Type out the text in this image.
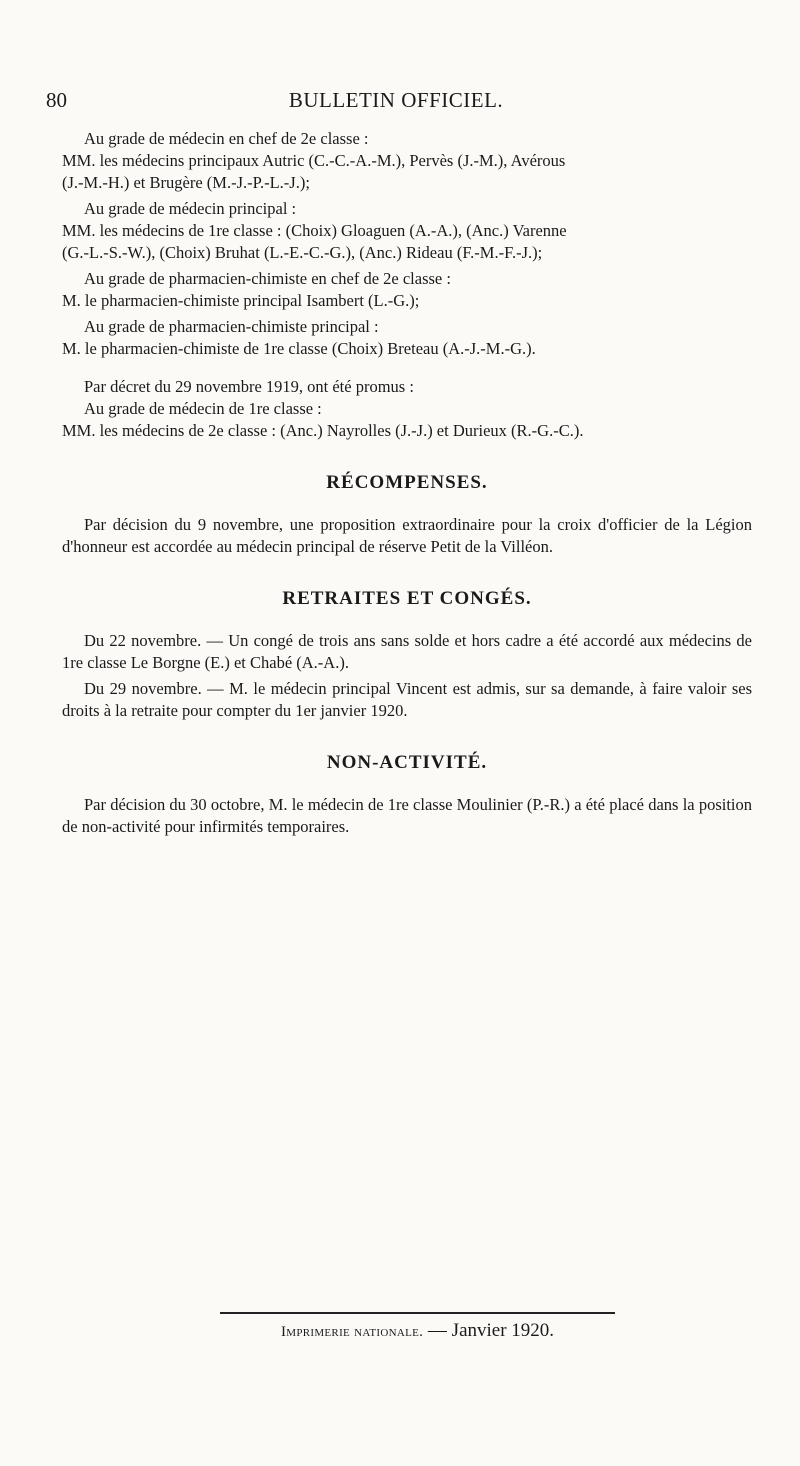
80	BULLETIN OFFICIEL.

Au grade de médecin en chef de 2e classe :

MM. les médecins principaux Autric (C.-C.-A.-M.), Pervès (J.-M.), Avérous

(J.-M.-H.) et Brugère (M.-J.-P.-L.-J.);

Au grade de médecin principal :

MM. les médecins de 1re classe : (Choix) Gloaguen (A.-A.), (Anc.) Varenne

(G.-L.-S.-W.), (Choix) Bruhat (L.-E.-C.-G.), (Anc.) Rideau (F.-M.-F.-J.);

Au grade de pharmacien-chimiste en chef de 2e classe :

M. le pharmacien-chimiste principal Isambert (L.-G.);

Au grade de pharmacien-chimiste principal :

M. le pharmacien-chimiste de 1re classe (Choix) Breteau (A.-J.-M.-G.).

Par décret du 29 novembre 1919, ont été promus :

Au grade de médecin de 1re classe :

MM. les médecins de 2e classe : (Anc.) Nayrolles (J.-J.) et Durieux (R.-G.-C.).

RÉCOMPENSES.

Par décision du 9 novembre, une proposition extraordinaire pour la croix d'officier de la Légion d'honneur est accordée au médecin principal de réserve Petit de la Villéon.

RETRAITES ET CONGÉS.

Du 22 novembre. — Un congé de trois ans sans solde et hors cadre a été accordé aux médecins de 1re classe Le Borgne (E.) et Chabé (A.-A.).

Du 29 novembre. — M. le médecin principal Vincent est admis, sur sa demande, à faire valoir ses droits à la retraite pour compter du 1er janvier 1920.

NON-ACTIVITÉ.

Par décision du 30 octobre, M. le médecin de 1re classe Moulinier (P.-R.) a été placé dans la position de non-activité pour infirmités temporaires.

Imprimerie nationale. — Janvier 1920.
